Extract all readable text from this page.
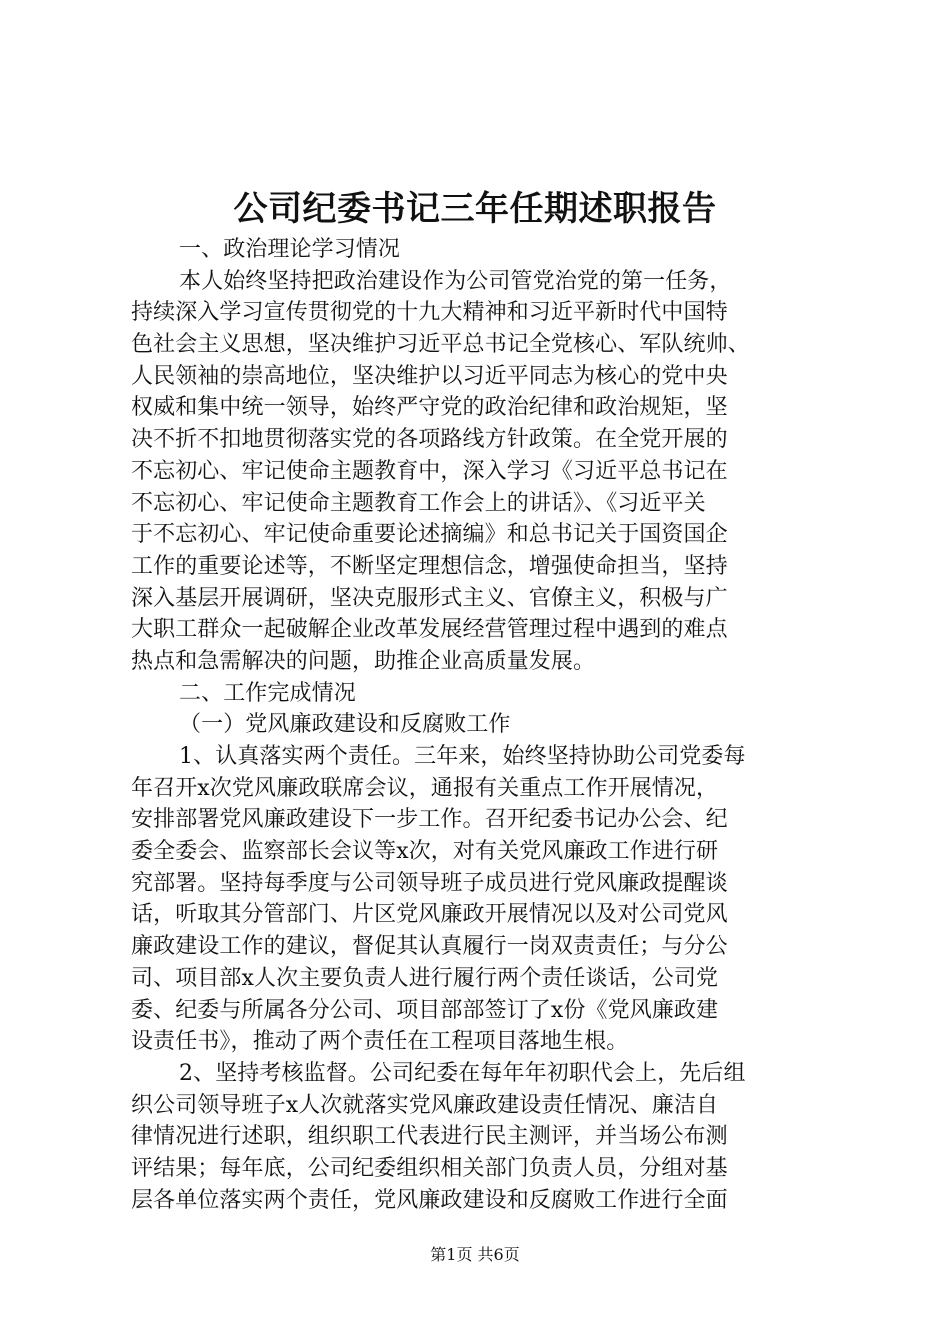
公司纪委书记三年任期述职报告
一、政治理论学习情况
本人始终坚持把政治建设作为公司管党治党的第一任务，
持续深入学习宣传贯彻党的十九大精神和习近平新时代中国特
色社会主义思想，坚决维护习近平总书记全党核心、军队统帅、
人民领袖的崇高地位，坚决维护以习近平同志为核心的党中央
权威和集中统一领导，始终严守党的政治纪律和政治规矩，坚
决不折不扣地贯彻落实党的各项路线方针政策。在全党开展的
不忘初心、牢记使命主题教育中，深入学习《习近平总书记在
不忘初心、牢记使命主题教育工作会上的讲话》、《习近平关
于不忘初心、牢记使命重要论述摘编》和总书记关于国资国企
工作的重要论述等，不断坚定理想信念，增强使命担当，坚持
深入基层开展调研，坚决克服形式主义、官僚主义，积极与广
大职工群众一起破解企业改革发展经营管理过程中遇到的难点
热点和急需解决的问题，助推企业高质量发展。
二、工作完成情况
（一）党风廉政建设和反腐败工作
1、认真落实两个责任。三年来，始终坚持协助公司党委每
年召开x次党风廉政联席会议，通报有关重点工作开展情况，
安排部署党风廉政建设下一步工作。召开纪委书记办公会、纪
委全委会、监察部长会议等x次，对有关党风廉政工作进行研
究部署。坚持每季度与公司领导班子成员进行党风廉政提醒谈
话，听取其分管部门、片区党风廉政开展情况以及对公司党风
廉政建设工作的建议，督促其认真履行一岗双责责任；与分公
司、项目部x人次主要负责人进行履行两个责任谈话，公司党
委、纪委与所属各分公司、项目部部签订了x份《党风廉政建
设责任书》，推动了两个责任在工程项目落地生根。
2、坚持考核监督。公司纪委在每年年初职代会上，先后组
织公司领导班子x人次就落实党风廉政建设责任情况、廉洁自
律情况进行述职，组织职工代表进行民主测评，并当场公布测
评结果；每年底，公司纪委组织相关部门负责人员，分组对基
层各单位落实两个责任，党风廉政建设和反腐败工作进行全面
第1页 共6页
